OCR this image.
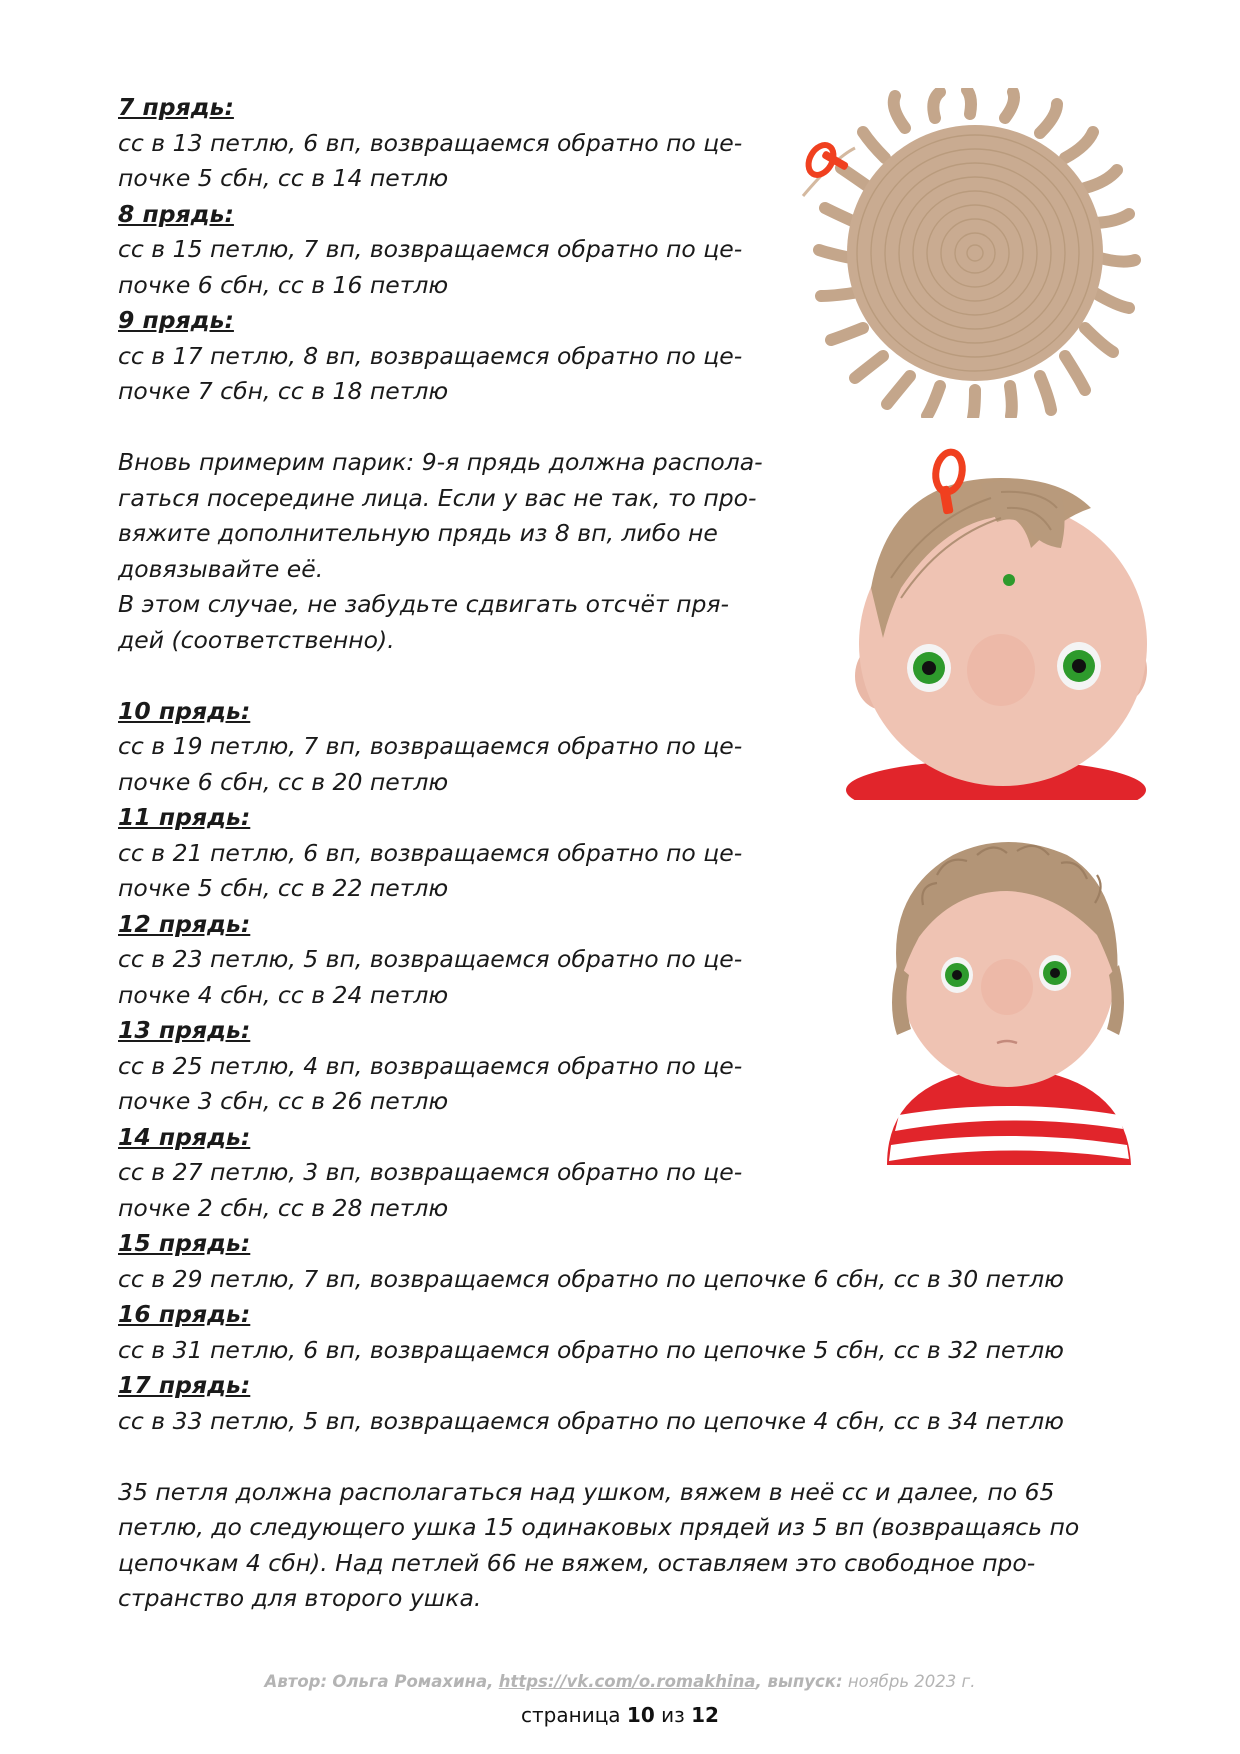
7 прядь:

сс в 13 петлю, 6 вп, возвращаемся обратно по це-

почке 5 сбн, сс в 14 петлю

8 прядь:

сс в 15 петлю, 7 вп, возвращаемся обратно по це-

почке 6 сбн, сс в 16 петлю

9 прядь:

сс в 17 петлю, 8 вп, возвращаемся обратно по це-

почке 7 сбн, сс в 18 петлю

Вновь примерим парик: 9-я прядь должна распола-

гаться посередине лица. Если у вас не так, то про-

вяжите дополнительную прядь из 8 вп, либо не

довязывайте её.

В этом случае, не забудьте сдвигать отсчёт пря-

дей (соответственно).

10 прядь:

сс в 19 петлю, 7 вп, возвращаемся обратно по це-

почке 6 сбн, сс в 20 петлю

11 прядь:

сс в 21 петлю, 6 вп, возвращаемся обратно по це-

почке 5 сбн, сс в 22 петлю

12 прядь:

сс в 23 петлю, 5 вп, возвращаемся обратно по це-

почке 4 сбн, сс в 24 петлю

13 прядь:

сс в 25 петлю, 4 вп, возвращаемся обратно по це-

почке 3 сбн, сс в 26 петлю

14 прядь:

сс в 27 петлю, 3 вп, возвращаемся обратно по це-

почке 2 сбн, сс в 28 петлю

15 прядь:

сс в 29 петлю, 7 вп, возвращаемся обратно по цепочке 6 сбн, сс в 30 петлю

16 прядь:

сс в 31 петлю, 6 вп, возвращаемся обратно по цепочке 5 сбн, сс в 32 петлю

17 прядь:

сс в 33 петлю, 5 вп, возвращаемся обратно по цепочке 4 сбн, сс в 34 петлю

35 петля должна располагаться над ушком, вяжем в неё сс и далее, по 65

петлю, до следующего ушка 15 одинаковых прядей из 5 вп (возвращаясь по

цепочкам 4 сбн). Над петлей 66 не вяжем, оставляем это свободное про-

странство для второго ушка.

Автор: Ольга Ромахина, https://vk.com/o.romakhina, выпуск: ноябрь 2023 г.
страница 10 из 12
